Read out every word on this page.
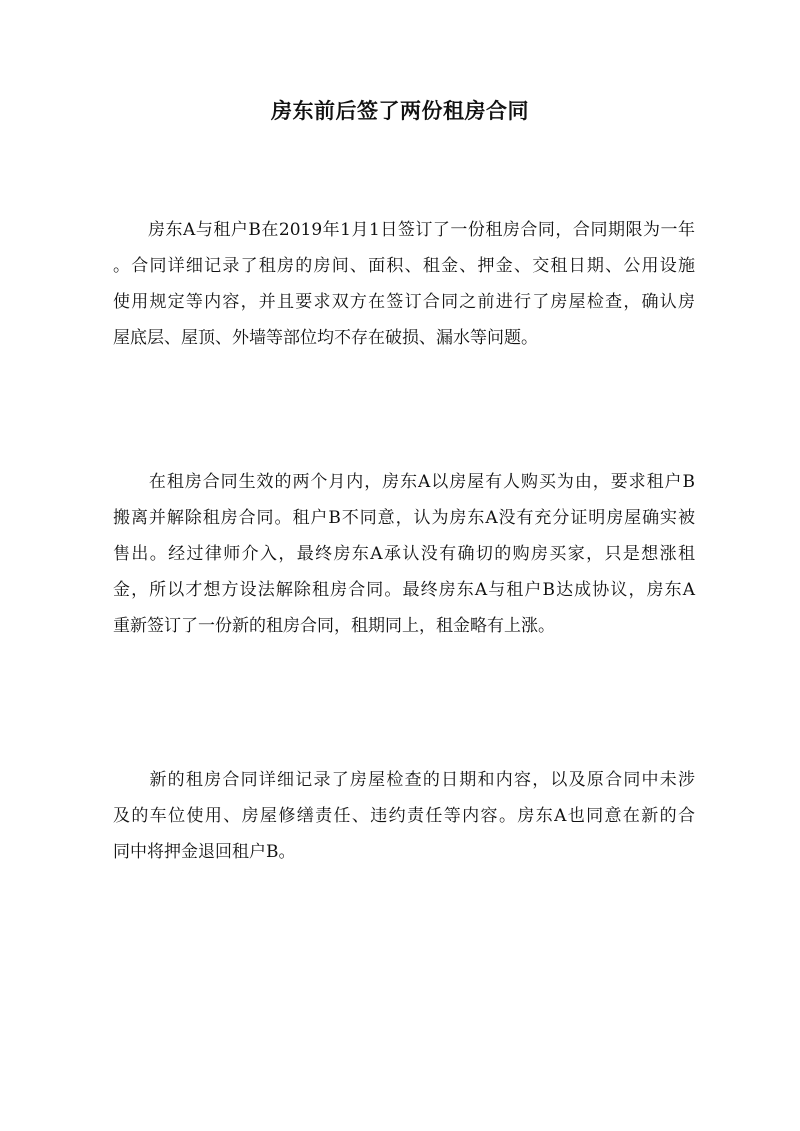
房东前后签了两份租房合同

　　房东A与租户B在2019年1月1日签订了一份租房合同，合同期限为一年
。合同详细记录了租房的房间、面积、租金、押金、交租日期、公用设施
使用规定等内容，并且要求双方在签订合同之前进行了房屋检查，确认房
屋底层、屋顶、外墙等部位均不存在破损、漏水等问题。

　　在租房合同生效的两个月内，房东A以房屋有人购买为由，要求租户B
搬离并解除租房合同。租户B不同意，认为房东A没有充分证明房屋确实被
售出。经过律师介入，最终房东A承认没有确切的购房买家，只是想涨租
金，所以才想方设法解除租房合同。最终房东A与租户B达成协议，房东A
重新签订了一份新的租房合同，租期同上，租金略有上涨。

　　新的租房合同详细记录了房屋检查的日期和内容，以及原合同中未涉
及的车位使用、房屋修缮责任、违约责任等内容。房东A也同意在新的合
同中将押金退回租户B。
